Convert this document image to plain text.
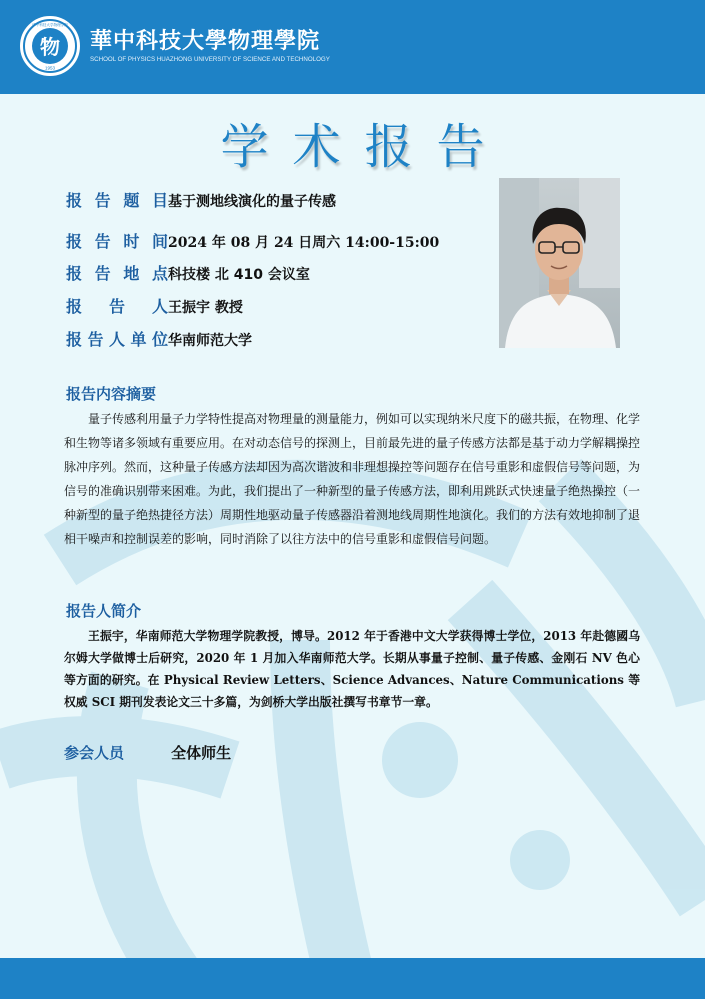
物
1953
华中科技大学物理学院
華中科技大學物理學院
SCHOOL OF PHYSICS HUAZHONG UNIVERSITY OF SCIENCE AND TECHNOLOGY
学术报告
报告题目 基于测地线演化的量子传感
报告时间 2024 年 08 月 24 日周六 14:00-15:00
报告地点 科技楼 北 410 会议室
报告人 王振宇 教授
报告人单位 华南师范大学
报告内容摘要
量子传感利用量子力学特性提高对物理量的测量能力，例如可以实现纳米尺度下的磁共振，在物理、化学和生物等诸多领域有重要应用。在对动态信号的探测上，目前最先进的量子传感方法都是基于动力学解耦操控脉冲序列。然而，这种量子传感方法却因为高次谐波和非理想操控等问题存在信号重影和虚假信号等问题，为信号的准确识别带来困难。为此，我们提出了一种新型的量子传感方法，即利用跳跃式快速量子绝热操控（一种新型的量子绝热捷径方法）周期性地驱动量子传感器沿着测地线周期性地演化。我们的方法有效地抑制了退相干噪声和控制误差的影响，同时消除了以往方法中的信号重影和虚假信号问题。
报告人简介
王振宇，华南师范大学物理学院教授，博导。2012 年于香港中文大学获得博士学位，2013 年赴德國乌尔姆大学做博士后研究，2020 年 1 月加入华南师范大学。长期从事量子控制、量子传感、金刚石 NV 色心等方面的研究。在 Physical Review Letters、Science Advances、Nature Communications 等权威 SCI 期刊发表论文三十多篇，为剑桥大学出版社撰写书章节一章。
参会人员	全体师生
